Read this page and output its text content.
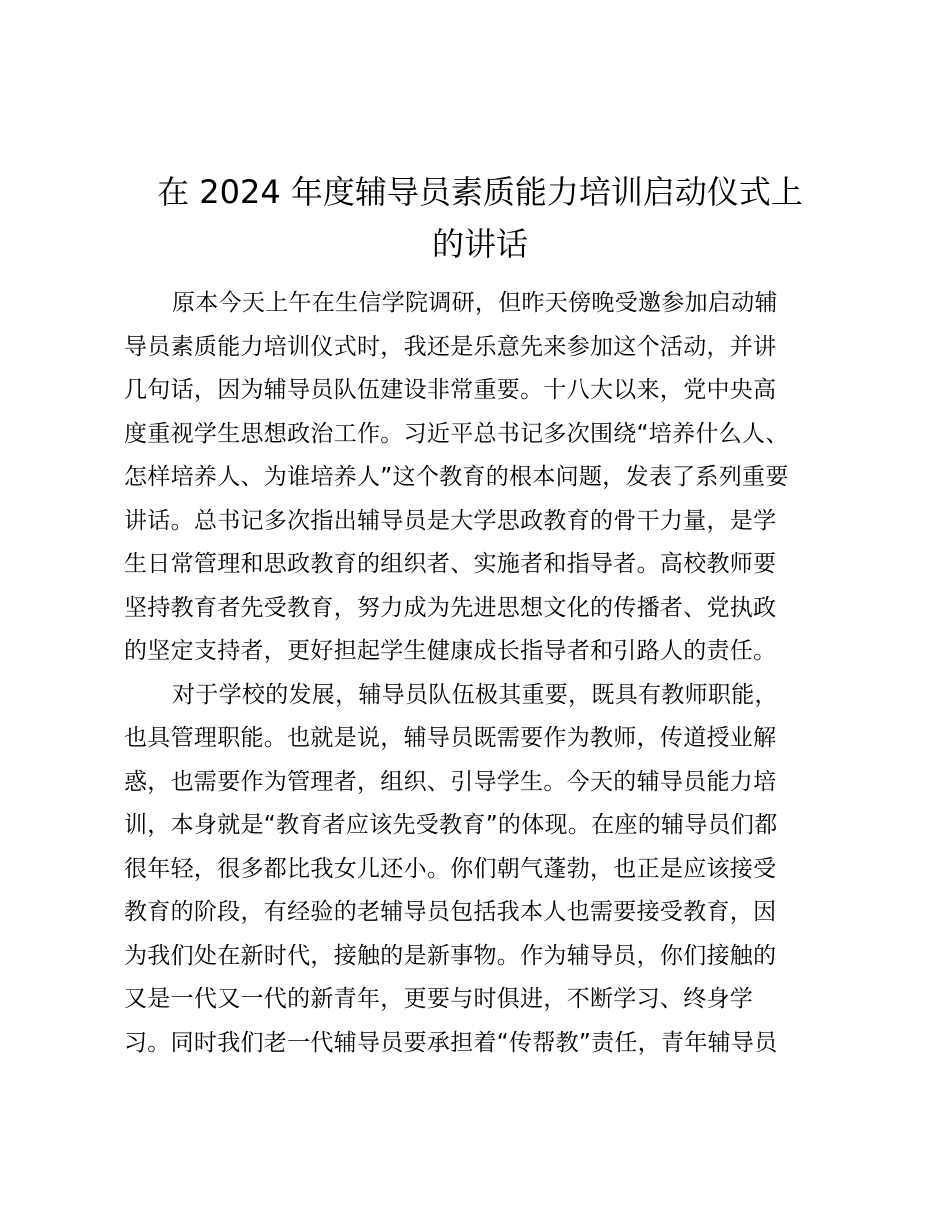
在 2024 年度辅导员素质能力培训启动仪式上
的讲话
原本今天上午在生信学院调研，但昨天傍晚受邀参加启动辅
导员素质能力培训仪式时，我还是乐意先来参加这个活动，并讲
几句话，因为辅导员队伍建设非常重要。十八大以来，党中央高
度重视学生思想政治工作。习近平总书记多次围绕“培养什么人、
怎样培养人、为谁培养人”这个教育的根本问题，发表了系列重要
讲话。总书记多次指出辅导员是大学思政教育的骨干力量，是学
生日常管理和思政教育的组织者、实施者和指导者。高校教师要
坚持教育者先受教育，努力成为先进思想文化的传播者、党执政
的坚定支持者，更好担起学生健康成长指导者和引路人的责任。
对于学校的发展，辅导员队伍极其重要，既具有教师职能，
也具管理职能。也就是说，辅导员既需要作为教师，传道授业解
惑，也需要作为管理者，组织、引导学生。今天的辅导员能力培
训，本身就是“教育者应该先受教育”的体现。在座的辅导员们都
很年轻，很多都比我女儿还小。你们朝气蓬勃，也正是应该接受
教育的阶段，有经验的老辅导员包括我本人也需要接受教育，因
为我们处在新时代，接触的是新事物。作为辅导员，你们接触的
又是一代又一代的新青年，更要与时俱进，不断学习、终身学
习。同时我们老一代辅导员要承担着“传帮教”责任，青年辅导员
